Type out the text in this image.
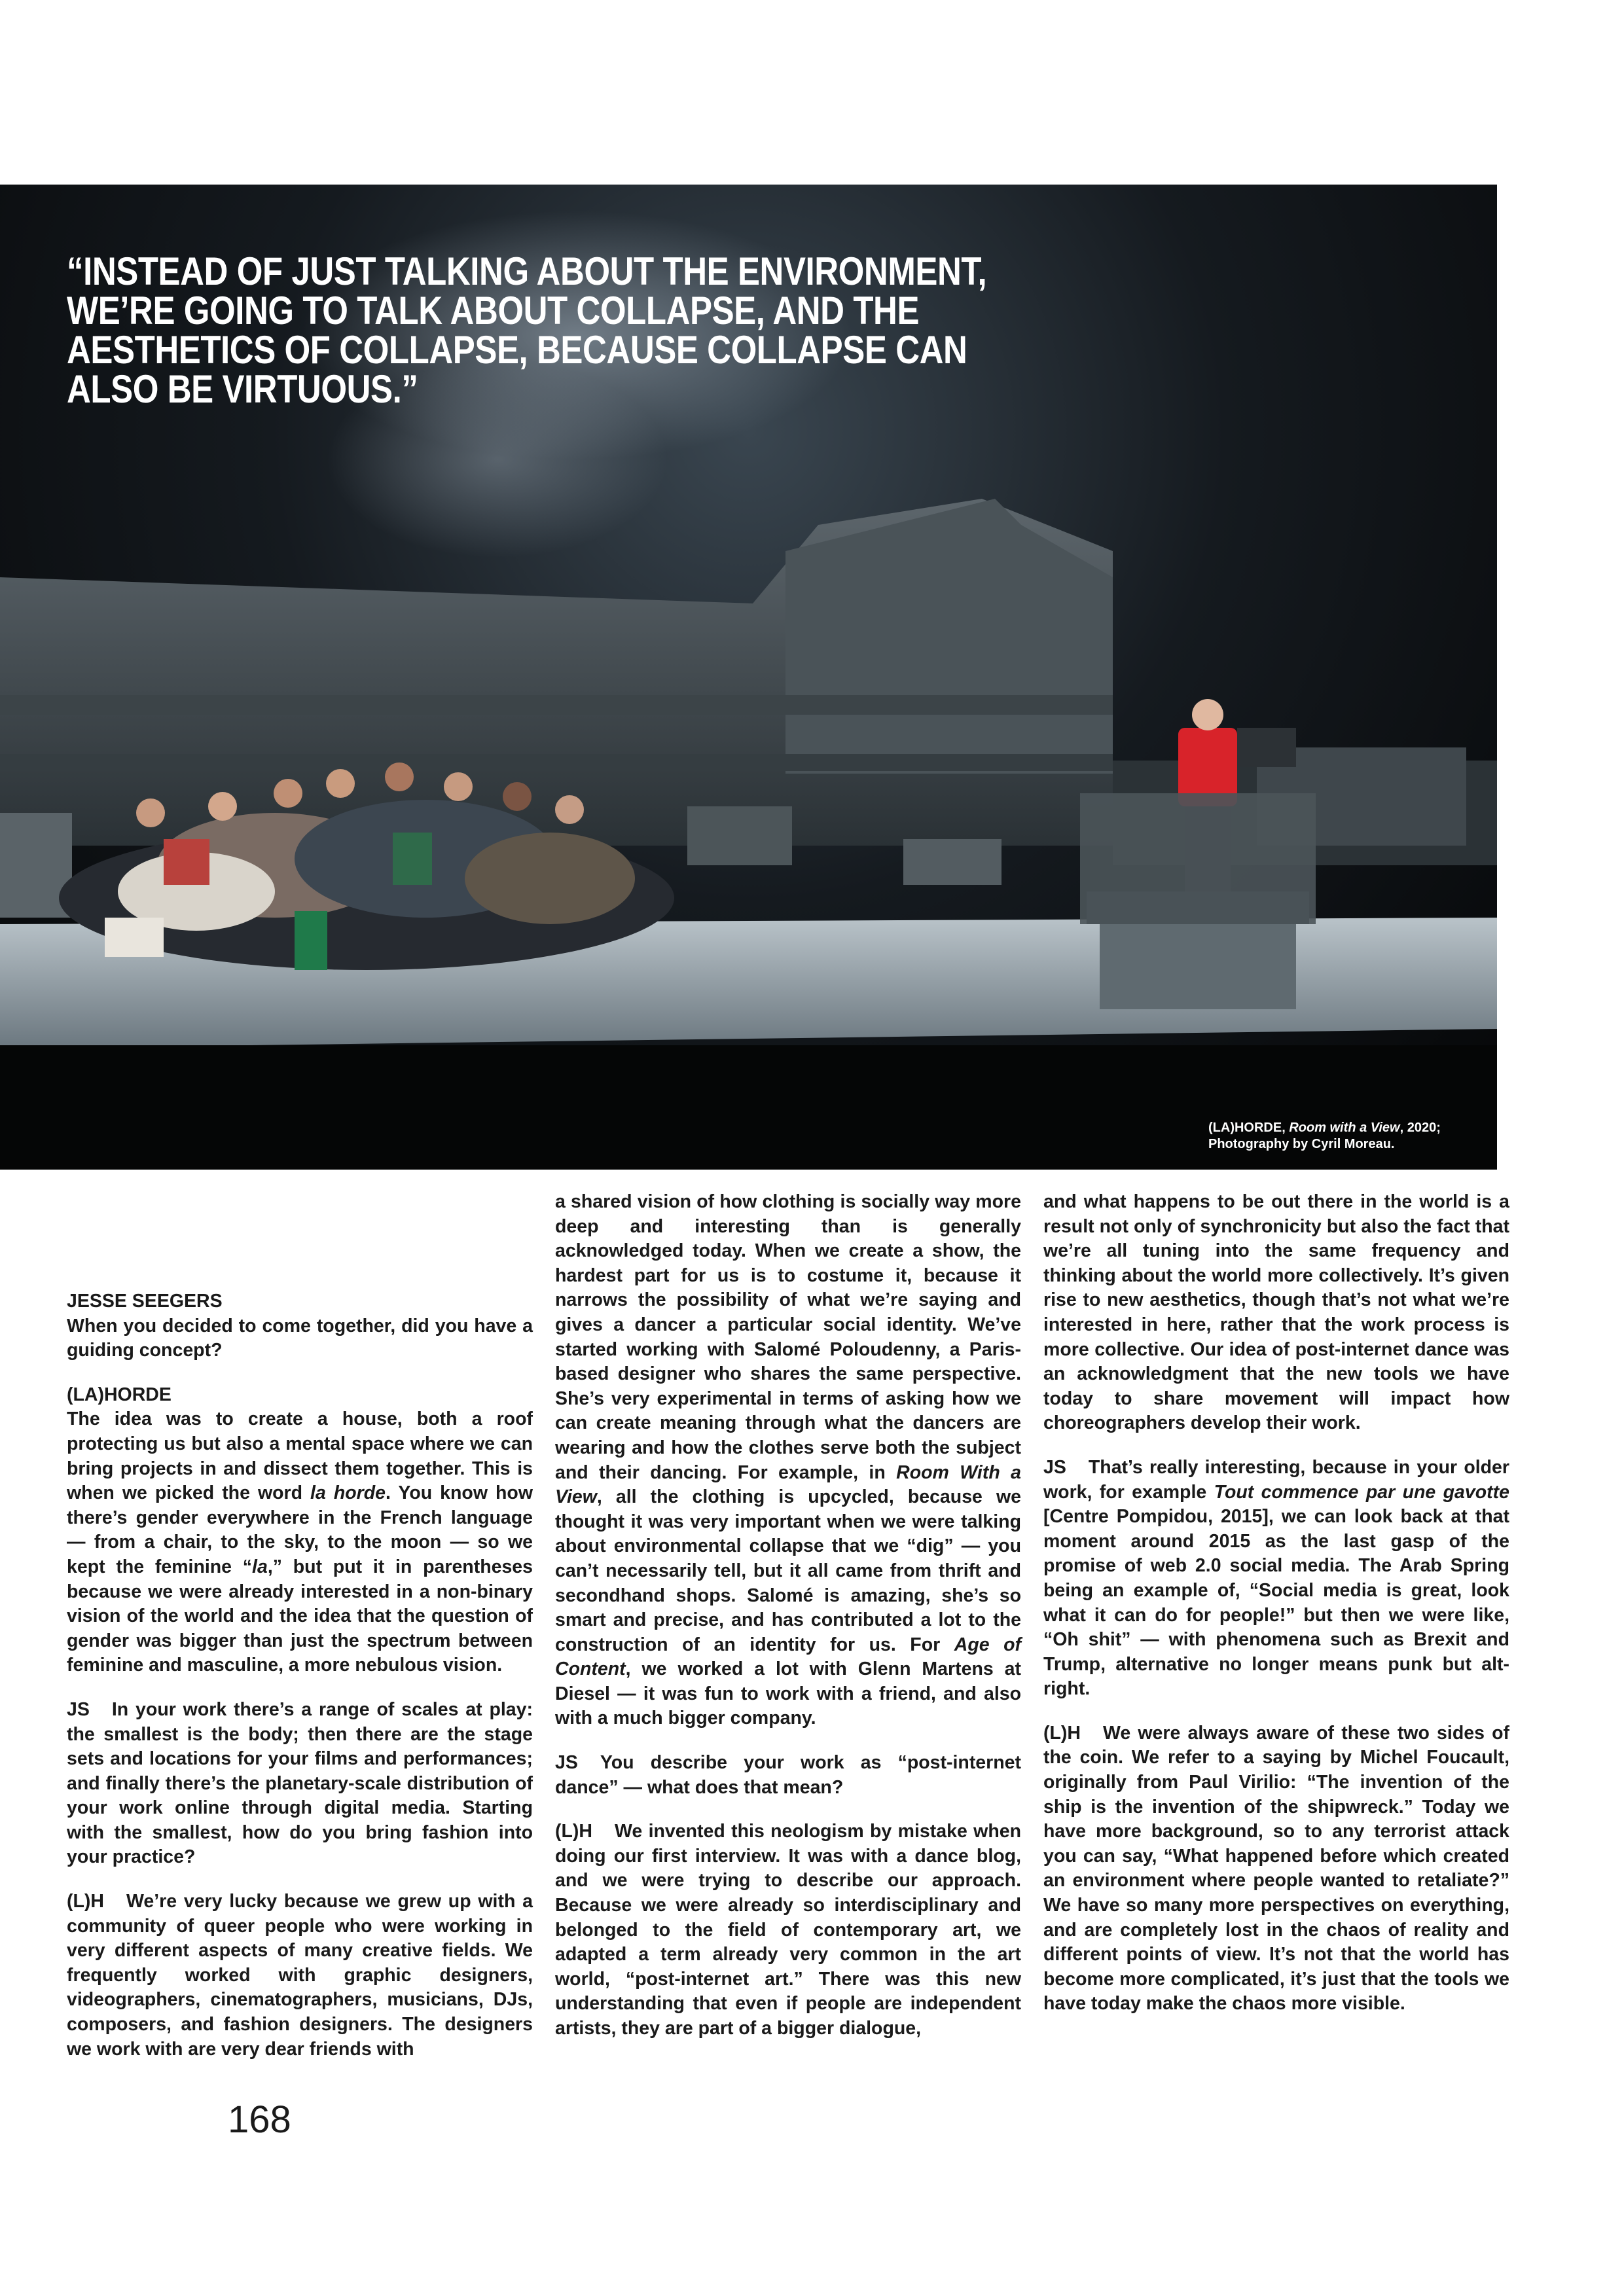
“INSTEAD OF JUST TALKING ABOUT THE ENVIRONMENT, WE’RE GOING TO TALK ABOUT COLLAPSE, AND THE AESTHETICS OF COLLAPSE, BECAUSE COLLAPSE CAN ALSO BE VIRTUOUS.”
(LA)HORDE, Room with a View, 2020;
Photography by Cyril Moreau.

JESSE SEEGERS
When you decided to come together, did you have a guiding concept?

(LA)HORDE
The idea was to create a house, both a roof protecting us but also a mental space where we can bring projects in and dissect them together. This is when we picked the word la horde. You know how there’s gender everywhere in the French language — from a chair, to the sky, to the moon — so we kept the feminine “la,” but put it in parentheses because we were already interested in a non-binary vision of the world and the idea that the question of gender was bigger than just the spectrum between feminine and masculine, a more nebulous vision.

JS In your work there’s a range of scales at play: the smallest is the body; then there are the stage sets and locations for your films and performances; and finally there’s the planetary-scale distribution of your work online through digital media. Starting with the smallest, how do you bring fashion into your practice?

(L)H We’re very lucky because we grew up with a community of queer people who were working in very different aspects of many creative fields. We frequently worked with graphic designers, videographers, cinematographers, musicians, DJs, composers, and fashion designers. The designers we work with are very dear friends with

a shared vision of how clothing is socially way more deep and interesting than is generally acknowledged today. When we create a show, the hardest part for us is to costume it, because it narrows the possibility of what we’re saying and gives a dancer a particular social identity. We’ve started working with Salomé Poloudenny, a Paris-based designer who shares the same perspective. She’s very experimental in terms of asking how we can create meaning through what the dancers are wearing and how the clothes serve both the subject and their dancing. For example, in Room With a View, all the clothing is upcycled, because we thought it was very important when we were talking about environmental collapse that we “dig” — you can’t necessarily tell, but it all came from thrift and secondhand shops. Salomé is amazing, she’s so smart and precise, and has contributed a lot to the construction of an identity for us. For Age of Content, we worked a lot with Glenn Martens at Diesel — it was fun to work with a friend, and also with a much bigger company.

JS You describe your work as “post-internet dance” — what does that mean?

(L)H We invented this neologism by mistake when doing our first interview. It was with a dance blog, and we were trying to describe our approach. Because we were already so interdisciplinary and belonged to the field of contemporary art, we adapted a term already very common in the art world, “post-internet art.” There was this new understanding that even if people are independent artists, they are part of a bigger dialogue,

and what happens to be out there in the world is a result not only of synchronicity but also the fact that we’re all tuning into the same frequency and thinking about the world more collectively. It’s given rise to new aesthetics, though that’s not what we’re interested in here, rather that the work process is more collective. Our idea of post-internet dance was an acknowledgment that the new tools we have today to share movement will impact how choreographers develop their work.

JS That’s really interesting, because in your older work, for example Tout commence par une gavotte [Centre Pompidou, 2015], we can look back at that moment around 2015 as the last gasp of the promise of web 2.0 social media. The Arab Spring being an example of, “Social media is great, look what it can do for people!” but then we were like, “Oh shit” — with phenomena such as Brexit and Trump, alternative no longer means punk but alt-right.

(L)H We were always aware of these two sides of the coin. We refer to a saying by Michel Foucault, originally from Paul Virilio: “The invention of the ship is the invention of the shipwreck.” Today we have more background, so to any terrorist attack you can say, “What happened before which created an environment where people wanted to retaliate?” We have so many more perspectives on everything, and are completely lost in the chaos of reality and different points of view. It’s not that the world has become more complicated, it’s just that the tools we have today make the chaos more visible.

168
